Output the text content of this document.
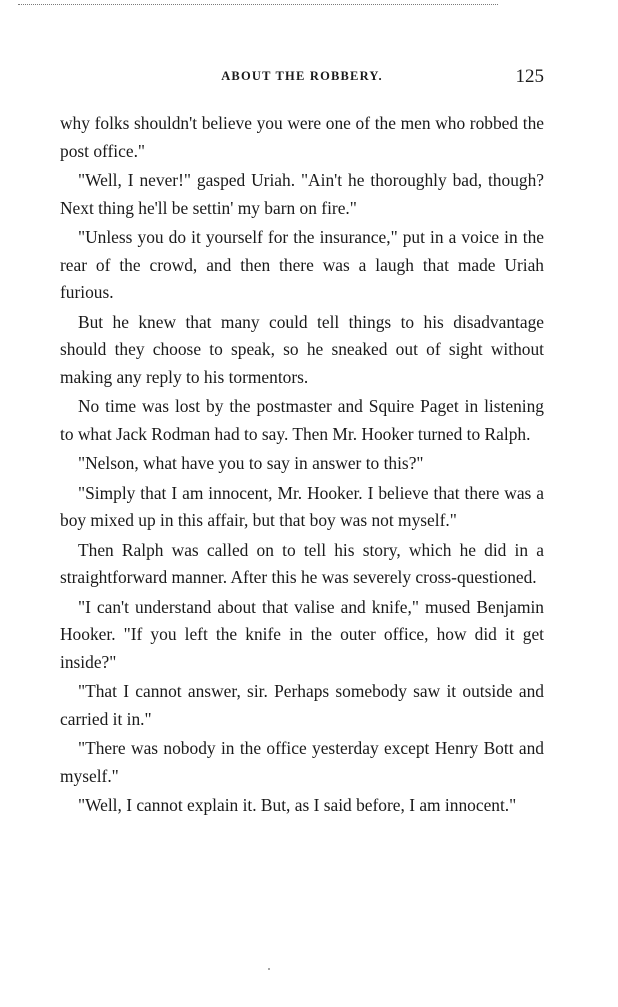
ABOUT THE ROBBERY.	125

why folks shouldn't believe you were one of the men who robbed the post office."

"Well, I never!" gasped Uriah. "Ain't he thoroughly bad, though? Next thing he'll be settin' my barn on fire."

"Unless you do it yourself for the insurance," put in a voice in the rear of the crowd, and then there was a laugh that made Uriah furious.

But he knew that many could tell things to his disadvantage should they choose to speak, so he sneaked out of sight without making any reply to his tormentors.

No time was lost by the postmaster and Squire Paget in listening to what Jack Rodman had to say. Then Mr. Hooker turned to Ralph.

"Nelson, what have you to say in answer to this?"

"Simply that I am innocent, Mr. Hooker. I believe that there was a boy mixed up in this affair, but that boy was not myself."

Then Ralph was called on to tell his story, which he did in a straightforward manner. After this he was severely cross-questioned.

"I can't understand about that valise and knife," mused Benjamin Hooker. "If you left the knife in the outer office, how did it get inside?"

"That I cannot answer, sir. Perhaps somebody saw it outside and carried it in."

"There was nobody in the office yesterday except Henry Bott and myself."

"Well, I cannot explain it. But, as I said before, I am innocent."
